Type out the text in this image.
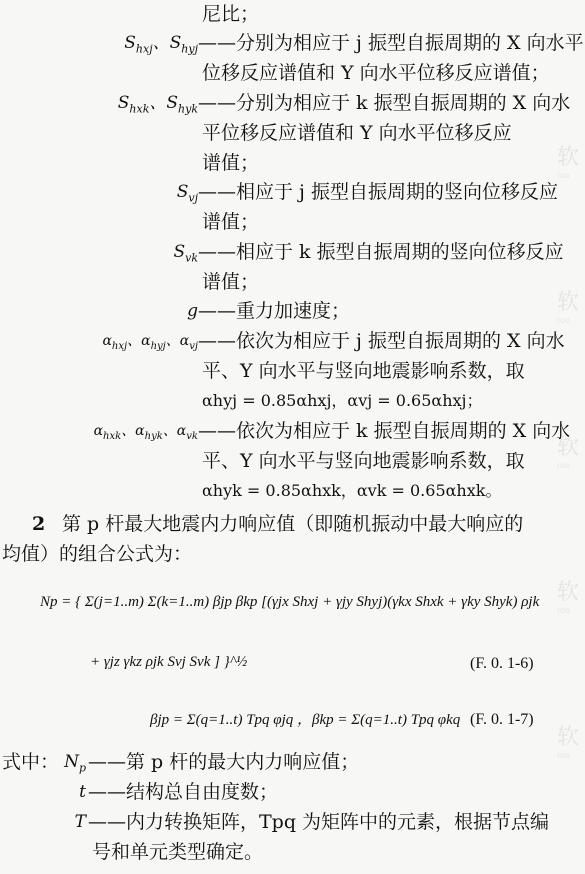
尼比；
$S_{hxj}$、$S_{hyj}$ ——分别为相应于 j 振型自振周期的 X 向水平
位移反应谱值和 Y 向水平位移反应谱值；
$S_{hxk}$、$S_{hyk}$ ——分别为相应于 k 振型自振周期的 X 向水
平位移反应谱值和 Y 向水平位移反应
谱值；
$S_{vj}$ ——相应于 j 振型自振周期的竖向位移反应
谱值；
$S_{vk}$ ——相应于 k 振型自振周期的竖向位移反应
谱值；
g ——重力加速度；
$\alpha_{hxj}$、$\alpha_{hyj}$、$\alpha_{vj}$ ——依次为相应于 j 振型自振周期的 X 向水
平、Y 向水平与竖向地震影响系数，取
αhyj = 0.85αhxj，αvj = 0.65αhxj；
$\alpha_{hxk}$、$\alpha_{hyk}$、$\alpha_{vk}$ ——依次为相应于 k 振型自振周期的 X 向水
平、Y 向水平与竖向地震影响系数，取
αhyk = 0.85αhxk，αvk = 0.65αhxk。
2 第 p 杆最大地震内力响应值（即随机振动中最大响应的
均值）的组合公式为：
Np = { Σ(j=1..m) Σ(k=1..m) βjp βkp [(γjx Shxj + γjy Shyj)(γkx Shxk + γky Shyk) ρjk
+ γjz γkz ρjk Svj Svk ] }^½	(F. 0. 1-6)
βjp = Σ(q=1..t) Tpq φjq ，βkp = Σ(q=1..t) Tpq φkq (F. 0. 1-7)
式中： $N_p$ ——第 p 杆的最大内力响应值；
t ——结构总自由度数；
T ——内力转换矩阵，Tpq 为矩阵中的元素，根据节点编
号和单元类型确定。
软
roo
软
roo
软
roo
软
roo
软
roo
